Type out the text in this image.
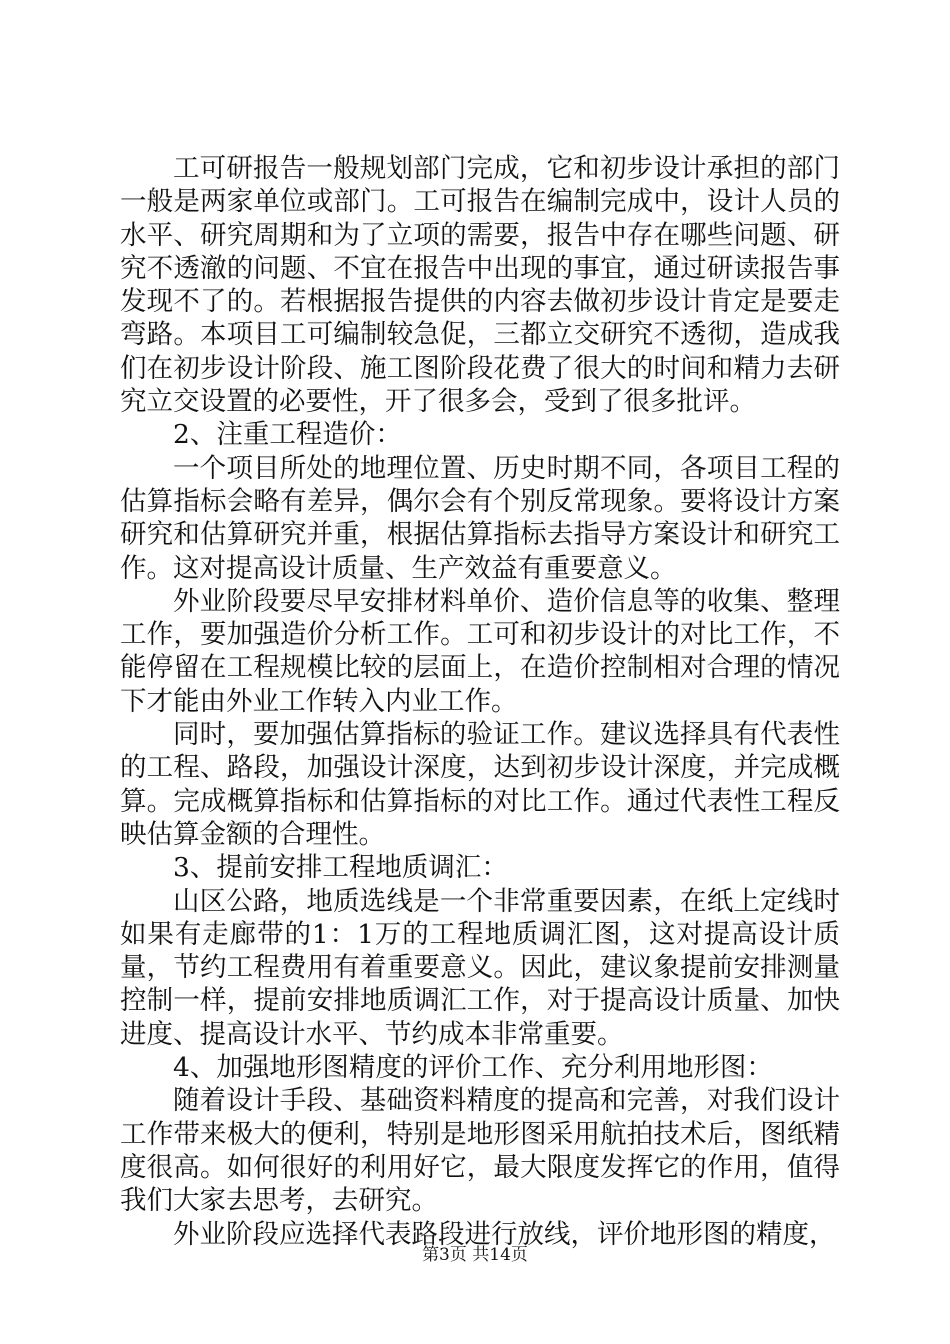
工可研报告一般规划部门完成，它和初步设计承担的部门一般是两家单位或部门。工可报告在编制完成中，设计人员的水平、研究周期和为了立项的需要，报告中存在哪些问题、研究不透澈的问题、不宜在报告中出现的事宜，通过研读报告事发现不了的。若根据报告提供的内容去做初步设计肯定是要走弯路。本项目工可编制较急促，三都立交研究不透彻，造成我们在初步设计阶段、施工图阶段花费了很大的时间和精力去研究立交设置的必要性，开了很多会，受到了很多批评。

2、注重工程造价：

一个项目所处的地理位置、历史时期不同，各项目工程的估算指标会略有差异，偶尔会有个别反常现象。要将设计方案研究和估算研究并重，根据估算指标去指导方案设计和研究工作。这对提高设计质量、生产效益有重要意义。

外业阶段要尽早安排材料单价、造价信息等的收集、整理工作，要加强造价分析工作。工可和初步设计的对比工作，不能停留在工程规模比较的层面上，在造价控制相对合理的情况下才能由外业工作转入内业工作。

同时，要加强估算指标的验证工作。建议选择具有代表性的工程、路段，加强设计深度，达到初步设计深度，并完成概算。完成概算指标和估算指标的对比工作。通过代表性工程反映估算金额的合理性。

3、提前安排工程地质调汇：

山区公路，地质选线是一个非常重要因素，在纸上定线时如果有走廊带的1：1万的工程地质调汇图，这对提高设计质量，节约工程费用有着重要意义。因此，建议象提前安排测量控制一样，提前安排地质调汇工作，对于提高设计质量、加快进度、提高设计水平、节约成本非常重要。

4、加强地形图精度的评价工作、充分利用地形图：

随着设计手段、基础资料精度的提高和完善，对我们设计工作带来极大的便利，特别是地形图采用航拍技术后，图纸精度很高。如何很好的利用好它，最大限度发挥它的作用，值得我们大家去思考，去研究。

外业阶段应选择代表路段进行放线，评价地形图的精度，

第3页 共14页
